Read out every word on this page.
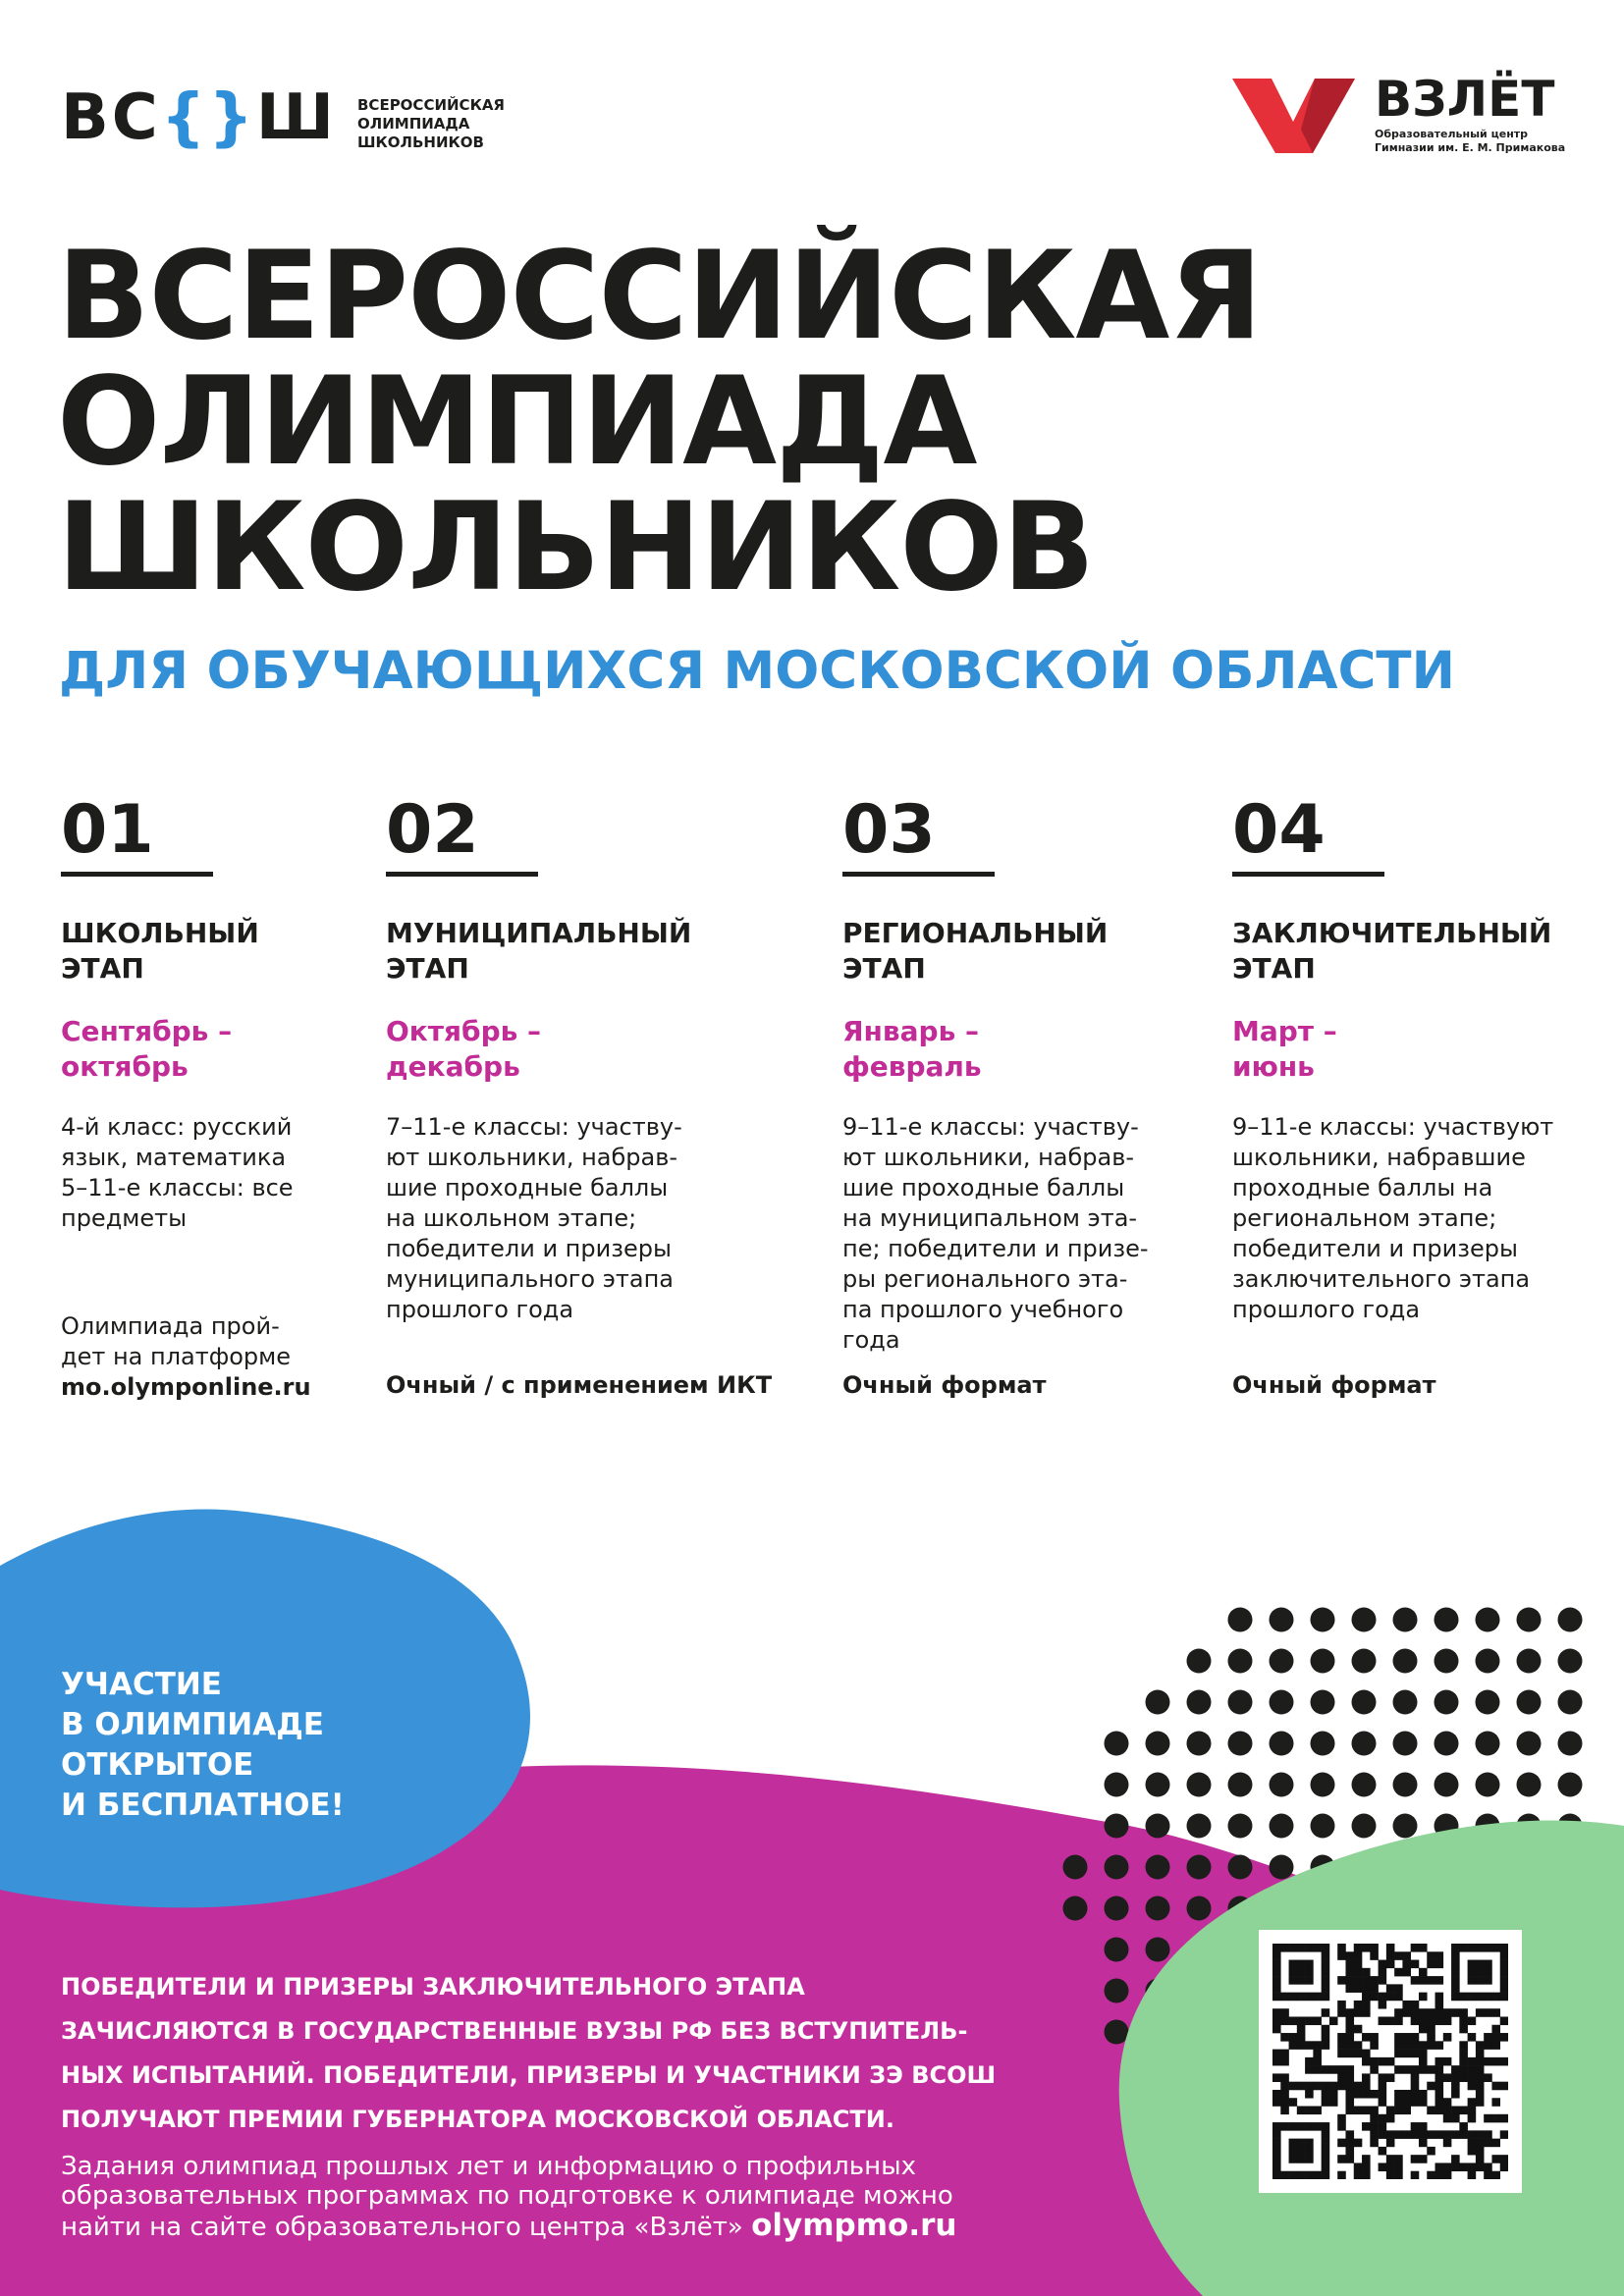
ВС{}Ш ВСЕРОССИЙСКАЯ
ОЛИМПИАДА
ШКОЛЬНИКОВ
ВЗЛЁТ
Образовательный центр
Гимназии им. Е. М. Примакова
ВСЕРОССИЙСКАЯ
ОЛИМПИАДА
ШКОЛЬНИКОВ
ДЛЯ ОБУЧАЮЩИХСЯ МОСКОВСКОЙ ОБЛАСТИ
01
ШКОЛЬНЫЙ
ЭТАП
Сентябрь –
октябрь
4-й класс: русский
язык, математика
5–11-е классы: все
предметы
Олимпиада прой-
дет на платформе
mo.olymponline.ru
02
МУНИЦИПАЛЬНЫЙ
ЭТАП
Октябрь –
декабрь
7–11-е классы: участву-
ют школьники, набрав-
шие проходные баллы
на школьном этапе;
победители и призеры
муниципального этапа
прошлого года
Очный / с применением ИКТ
03
РЕГИОНАЛЬНЫЙ
ЭТАП
Январь –
февраль
9–11-е классы: участву-
ют школьники, набрав-
шие проходные баллы
на муниципальном эта-
пе; победители и призе-
ры регионального эта-
па прошлого учебного
года
Очный формат
04
ЗАКЛЮЧИТЕЛЬНЫЙ
ЭТАП
Март –
июнь
9–11-е классы: участвуют
школьники, набравшие
проходные баллы на
региональном этапе;
победители и призеры
заключительного этапа
прошлого года
Очный формат
УЧАСТИЕ
В ОЛИМПИАДЕ
ОТКРЫТОЕ
И БЕСПЛАТНОЕ!
ПОБЕДИТЕЛИ И ПРИЗЕРЫ ЗАКЛЮЧИТЕЛЬНОГО ЭТАПА
ЗАЧИСЛЯЮТСЯ В ГОСУДАРСТВЕННЫЕ ВУЗЫ РФ БЕЗ ВСТУПИТЕЛЬ-
НЫХ ИСПЫТАНИЙ. ПОБЕДИТЕЛИ, ПРИЗЕРЫ И УЧАСТНИКИ ЗЭ ВСОШ
ПОЛУЧАЮТ ПРЕМИИ ГУБЕРНАТОРА МОСКОВСКОЙ ОБЛАСТИ.
Задания олимпиад прошлых лет и информацию о профильных
образовательных программах по подготовке к олимпиаде можно
найти на сайте образовательного центра «Взлёт» olympmo.ru
